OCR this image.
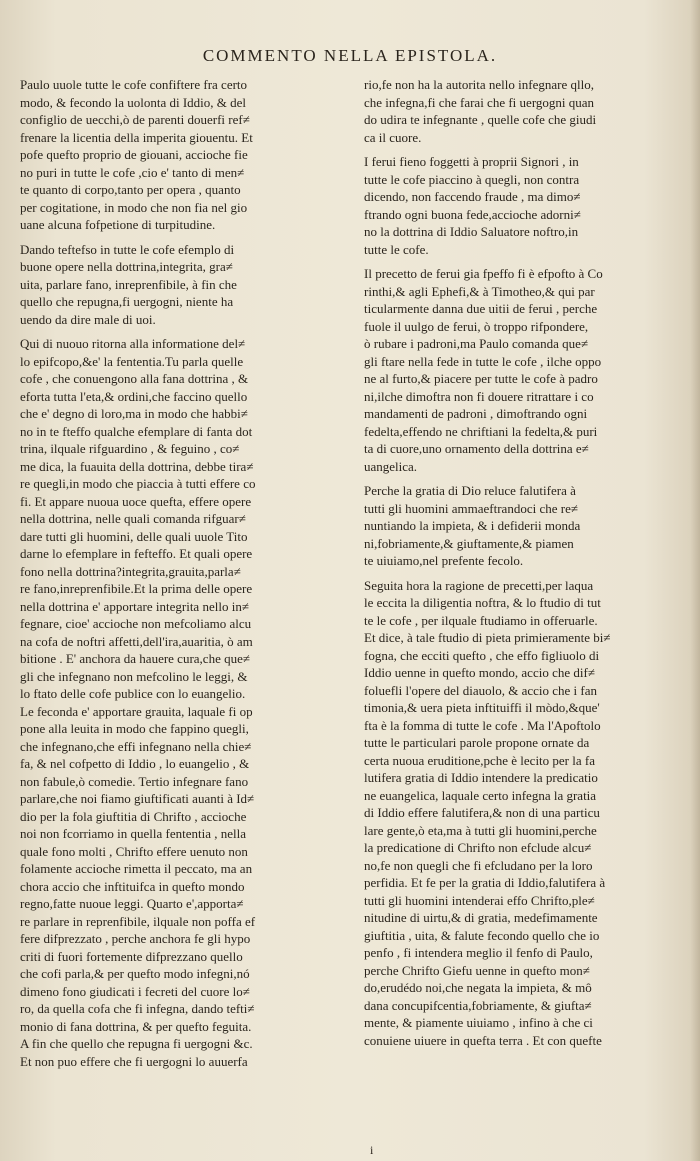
COMMENTO NELLA EPISTOLA.
Paulo uuole tutte le cofe confiftere fra certo
modo, & fecondo la uolonta di Iddio, & del
configlio de uecchi,ò de parenti douerfi ref≠
frenare la licentia della imperita giouentu. Et
pofe quefto proprio de giouani, accioche fie
no puri in tutte le cofe ,cio e' tanto di men≠
te quanto di corpo,tanto per opera , quanto
per cogitatione, in modo che non fia nel gio
uane alcuna fofpetione di turpitudine.
Dando teftefso in tutte le cofe efemplo di
buone opere nella dottrina,integrita, gra≠
uita, parlare fano, inreprenfibile, à fin che
quello che repugna,fi uergogni, niente ha
uendo da dire male di uoi.
Qui di nuouo ritorna alla informatione del≠
lo epifcopo,&e' la fententia.Tu parla quelle
cofe , che conuengono alla fana dottrina , &
eforta tutta l'eta,& ordini,che faccino quello
che e' degno di loro,ma in modo che habbi≠
no in te fteffo qualche efemplare di fanta dot
trina, ilquale rifguardino , & feguino , co≠
me dica, la fuauita della dottrina, debbe tira≠
re quegli,in modo che piaccia à tutti effere co
fi. Et appare nuoua uoce quefta, effere opere
nella dottrina, nelle quali comanda rifguar≠
dare tutti gli huomini, delle quali uuole Tito
darne lo efemplare in fefteffo. Et quali opere
fono nella dottrina?integrita,grauita,parla≠
re fano,inreprenfibile.Et la prima delle opere
nella dottrina e' apportare integrita nello in≠
fegnare, cioe' accioche non mefcoliamo alcu
na cofa de noftri affetti,dell'ira,auaritia, ò am
bitione . E' anchora da hauere cura,che que≠
gli che infegnano non mefcolino le leggi, &
lo ftato delle cofe publice con lo euangelio.
Le feconda e' apportare grauita, laquale fi op
pone alla leuita in modo che fappino quegli,
che infegnano,che effi infegnano nella chie≠
fa, & nel cofpetto di Iddio , lo euangelio , &
non fabule,ò comedie. Tertio infegnare fano
parlare,che noi fiamo giuftificati auanti à Id≠
dio per la fola giuftitia di Chrifto , accioche
noi non fcorriamo in quella fententia , nella
quale fono molti , Chrifto effere uenuto non
folamente accioche rimetta il peccato, ma an
chora accio che inftituifca in quefto mondo
regno,fatte nuoue leggi. Quarto e',apporta≠
re parlare in reprenfibile, ilquale non poffa ef
fere difprezzato , perche anchora fe gli hypo
criti di fuori fortemente difprezzano quello
che cofi parla,& per quefto modo infegni,nó
dimeno fono giudicati i fecreti del cuore lo≠
ro, da quella cofa che fi infegna, dando tefti≠
monio di fana dottrina, & per quefto feguita.
A fin che quello che repugna fi uergogni &c.
Et non puo effere che fi uergogni lo auuerfa
rio,fe non ha la autorita nello infegnare qllo,
che infegna,fi che farai che fi uergogni quan
do udira te infegnante , quelle cofe che giudi
ca il cuore.
I ferui fieno foggetti à proprii Signori , in
tutte le cofe piaccino à quegli, non contra
dicendo, non faccendo fraude , ma dimo≠
ftrando ogni buona fede,accioche adorni≠
no la dottrina di Iddio Saluatore noftro,in
tutte le cofe.
Il precetto de ferui gia fpeffo fi è efpofto à Co
rinthi,& agli Ephefi,& à Timotheo,& qui par
ticularmente danna due uitii de ferui , perche
fuole il uulgo de ferui, ò troppo rifpondere,
ò rubare i padroni,ma Paulo comanda que≠
gli ftare nella fede in tutte le cofe , ilche oppo
ne al furto,& piacere per tutte le cofe à padro
ni,ilche dimoftra non fi douere ritrattare i co
mandamenti de padroni , dimoftrando ogni
fedelta,effendo ne chriftiani la fedelta,& puri
ta di cuore,uno ornamento della dottrina e≠
uangelica.
Perche la gratia di Dio reluce falutifera à
tutti gli huomini ammaeftrandoci che re≠
nuntiando la impieta, & i defiderii monda
ni,fobriamente,& giuftamente,& piamen
te uiuiamo,nel prefente fecolo.
Seguita hora la ragione de precetti,per laqua
le eccita la diligentia noftra, & lo ftudio di tut
te le cofe , per ilquale ftudiamo in offeruarle.
Et dice, à tale ftudio di pieta primieramente bi≠
fogna, che ecciti quefto , che effo figliuolo di
Iddio uenne in quefto mondo, accio che dif≠
foluefli l'opere del diauolo, & accio che i fan
timonia,& uera pieta inftituiffi il mòdo,&que'
fta è la fomma di tutte le cofe . Ma l'Apoftolo
tutte le particulari parole propone ornate da
certa nuoua eruditione,pche è lecito per la fa
lutifera gratia di Iddio intendere la predicatio
ne euangelica, laquale certo infegna la gratia
di Iddio effere falutifera,& non di una particu
lare gente,ò eta,ma à tutti gli huomini,perche
la predicatione di Chrifto non efclude alcu≠
no,fe non quegli che fi efcludano per la loro
perfidia. Et fe per la gratia di Iddio,falutifera à
tutti gli huomini intenderai effo Chrifto,ple≠
nitudine di uirtu,& di gratia, medefimamente
giuftitia , uita, & falute fecondo quello che io
penfo , fi intendera meglio il fenfo di Paulo,
perche Chrifto Giefu uenne in quefto mon≠
do,erudédo noi,che negata la impieta, & mô
dana concupifcentia,fobriamente, & giufta≠
mente, & piamente uiuiamo , infino à che ci
conuiene uiuere in quefta terra . Et con quefte
i
